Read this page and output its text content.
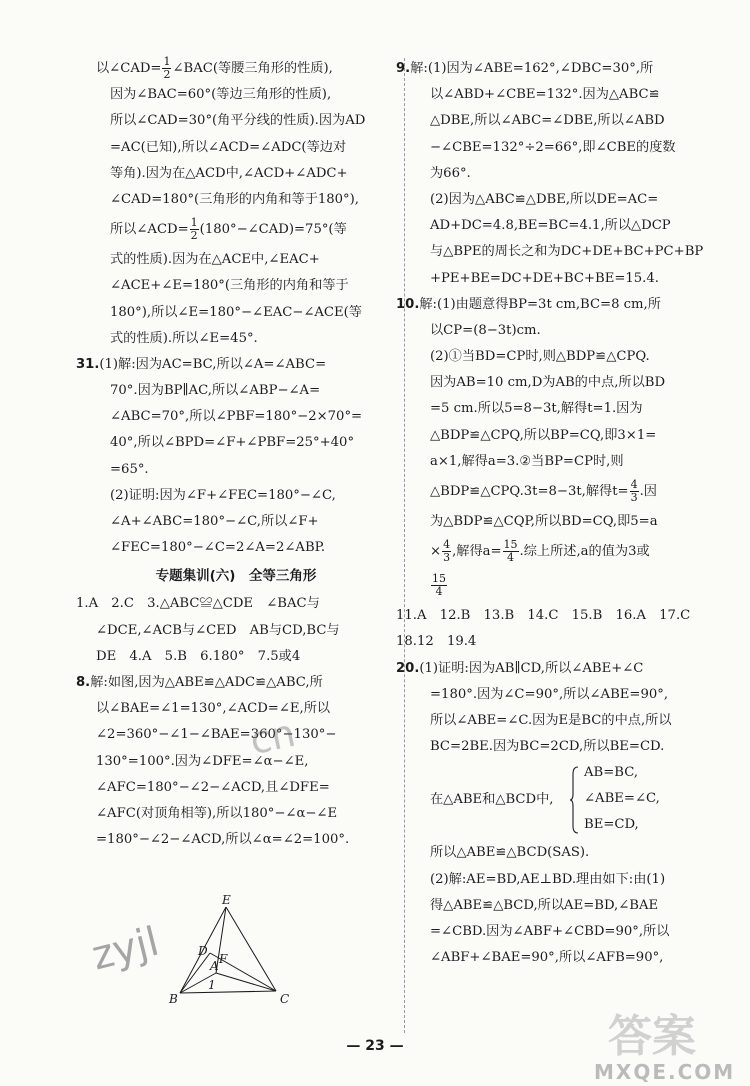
以∠CAD= $\frac{1}{2}$ ∠BAC(等腰三角形的性质),
因为∠BAC=60°(等边三角形的性质),
所以∠CAD=30°(角平分线的性质).因为AD
=AC(已知),所以∠ACD=∠ADC(等边对
等角).因为在△ACD中,∠ACD+∠ADC+
∠CAD=180°(三角形的内角和等于180°),
所以∠ACD= $\frac{1}{2}$ (180°−∠CAD)=75°(等
式的性质).因为在△ACE中,∠EAC+
∠ACE+∠E=180°(三角形的内角和等于
180°),所以∠E=180°−∠EAC−∠ACE(等
式的性质).所以∠E=45°.
31.(1)解:因为AC=BC,所以∠A=∠ABC=
70°.因为BP∥AC,所以∠ABP−∠A=
∠ABC=70°,所以∠PBF=180°−2×70°=
40°,所以∠BPD=∠F+∠PBF=25°+40°
=65°.
(2)证明:因为∠F+∠FEC=180°−∠C,
∠A+∠ABC=180°−∠C,所以∠F+
∠FEC=180°−∠C=2∠A=2∠ABP.
专题集训(六)　全等三角形
1.A　2.C　3.△ABC≌△CDE　∠BAC与
∠DCE,∠ACB与∠CED　AB与CD,BC与
DE　4.A　5.B　6.180°　7.5或4
8.解:如图,因为△ABE≌△ADC≌△ABC,所
以∠BAE=∠1=130°,∠ACD=∠E,所以
∠2=360°−∠1−∠BAE=360°−130°−
130°=100°.因为∠DFE=∠α−∠E,
∠AFC=180°−∠2−∠ACD,且∠DFE=
∠AFC(对顶角相等),所以180°−∠α−∠E
=180°−∠2−∠ACD,所以∠α=∠2=100°.
9.解:(1)因为∠ABE=162°,∠DBC=30°,所
以∠ABD+∠CBE=132°.因为△ABC≌
△DBE,所以∠ABC=∠DBE,所以∠ABD
−∠CBE=132°÷2=66°,即∠CBE的度数
为66°.
(2)因为△ABC≌△DBE,所以DE=AC=
AD+DC=4.8,BE=BC=4.1,所以△DCP
与△BPE的周长之和为DC+DE+BC+PC+BP
+PE+BE=DC+DE+BC+BE=15.4.
10.解:(1)由题意得BP=3t cm,BC=8 cm,所
以CP=(8−3t)cm.
(2)①当BD=CP时,则△BDP≌△CPQ.
因为AB=10 cm,D为AB的中点,所以BD
=5 cm.所以5=8−3t,解得t=1.因为
△BDP≌△CPQ,所以BP=CQ,即3×1=
a×1,解得a=3.②当BP=CP时,则
△BDP≌△CPQ.3t=8−3t,解得$t= \frac{4}{3}$ .因
为△BDP≌△CQP,所以BD=CQ,即5=a
× $\frac{4}{3}$ ,解得$a= \frac{15}{4}$ .综上所述,a的值为3或
$\frac{15}{4}$
11.A　12.B　13.B　14.C　15.B　16.A　17.C
18.12　19.4
20.(1)证明:因为AB∥CD,所以∠ABE+∠C
=180°.因为∠C=90°,所以∠ABE=90°,
所以∠ABE=∠C.因为E是BC的中点,所以
BC=2BE.因为BC=2CD,所以BE=CD.
在△ABE和△BCD中,
AB=BC,
∠ABE=∠C,
BE=CD,
所以△ABE≌△BCD(SAS).
(2)解:AE=BD,AE⊥BD.理由如下:由(1)
得△ABE≌△BCD,所以AE=BD,∠BAE
=∠CBD.因为∠ABF+∠CBD=90°,所以
∠ABF+∠BAE=90°,所以∠AFB=90°,
E
D
A F
1
B	C
zyjl
cn
答案
MXQE.COM
— 23 —
